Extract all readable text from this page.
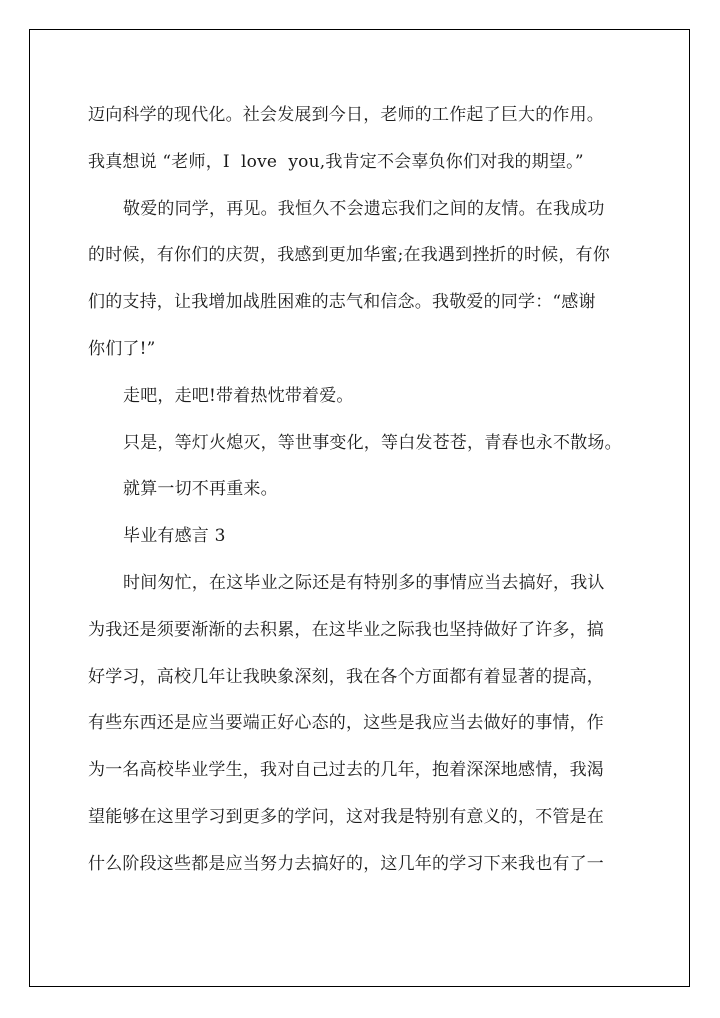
迈向科学的现代化。社会发展到今日，老师的工作起了巨大的作用。
我真想说 “老师，I  love  you,我肯定不会辜负你们对我的期望。”
敬爱的同学，再见。我恒久不会遗忘我们之间的友情。在我成功
的时候，有你们的庆贺，我感到更加华蜜;在我遇到挫折的时候，有你
们的支持，让我增加战胜困难的志气和信念。我敬爱的同学：“感谢
你们了!”
走吧，走吧!带着热忱带着爱。
只是，等灯火熄灭，等世事变化，等白发苍苍，青春也永不散场。
就算一切不再重来。
毕业有感言 3
时间匆忙，在这毕业之际还是有特别多的事情应当去搞好，我认
为我还是须要渐渐的去积累，在这毕业之际我也坚持做好了许多，搞
好学习，高校几年让我映象深刻，我在各个方面都有着显著的提高，
有些东西还是应当要端正好心态的，这些是我应当去做好的事情，作
为一名高校毕业学生，我对自己过去的几年，抱着深深地感情，我渴
望能够在这里学习到更多的学问，这对我是特别有意义的，不管是在
什么阶段这些都是应当努力去搞好的，这几年的学习下来我也有了一
